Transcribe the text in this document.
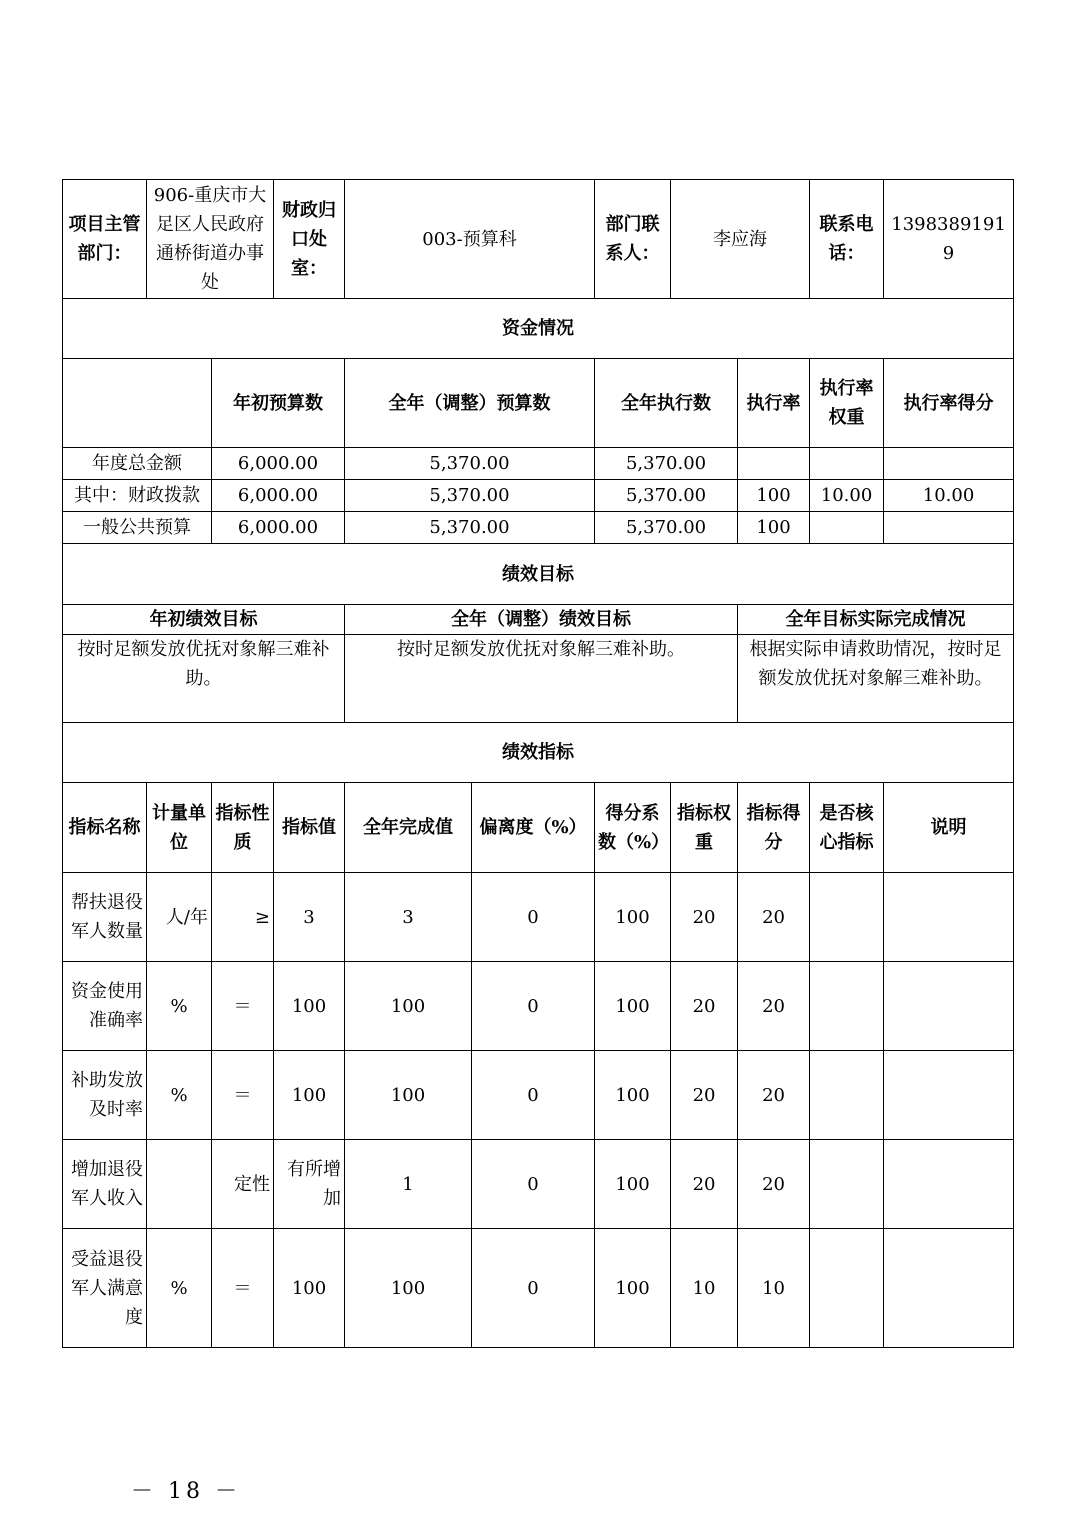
项目主管部门：	906-重庆市大足区人民政府通桥街道办事处		财政归口处室：	003-预算科		部门联系人：	李应海		联系电话：	13983891919
资金情况										
		年初预算数		全年（调整）预算数		全年执行数		执行率	执行率权重	执行率得分
年度总金额		6,000.00		5,370.00		5,370.00				
其中：财政拨款		6,000.00		5,370.00		5,370.00		100	10.00	10.00
一般公共预算		6,000.00		5,370.00		5,370.00		100		
绩效目标										
年初绩效目标				全年（调整）绩效目标				全年目标实际完成情况		
按时足额发放优抚对象解三难补助。				按时足额发放优抚对象解三难补助。				根据实际申请救助情况，按时足额发放优抚对象解三难补助。		
绩效指标										
指标名称	计量单位	指标性质	指标值	全年完成值	偏离度（%）	得分系数（%）	指标权重	指标得分	是否核心指标	说明
帮扶退役军人数量	人/年	≥	3	3	0	100	20	20		
资金使用准确率	%	＝	100	100	0	100	20	20		
补助发放及时率	%	＝	100	100	0	100	20	20		
增加退役军人收入		定性	有所增加	1	0	100	20	20		
受益退役军人满意度	%	＝	100	100	0	100	10	10		
－ 18 －
